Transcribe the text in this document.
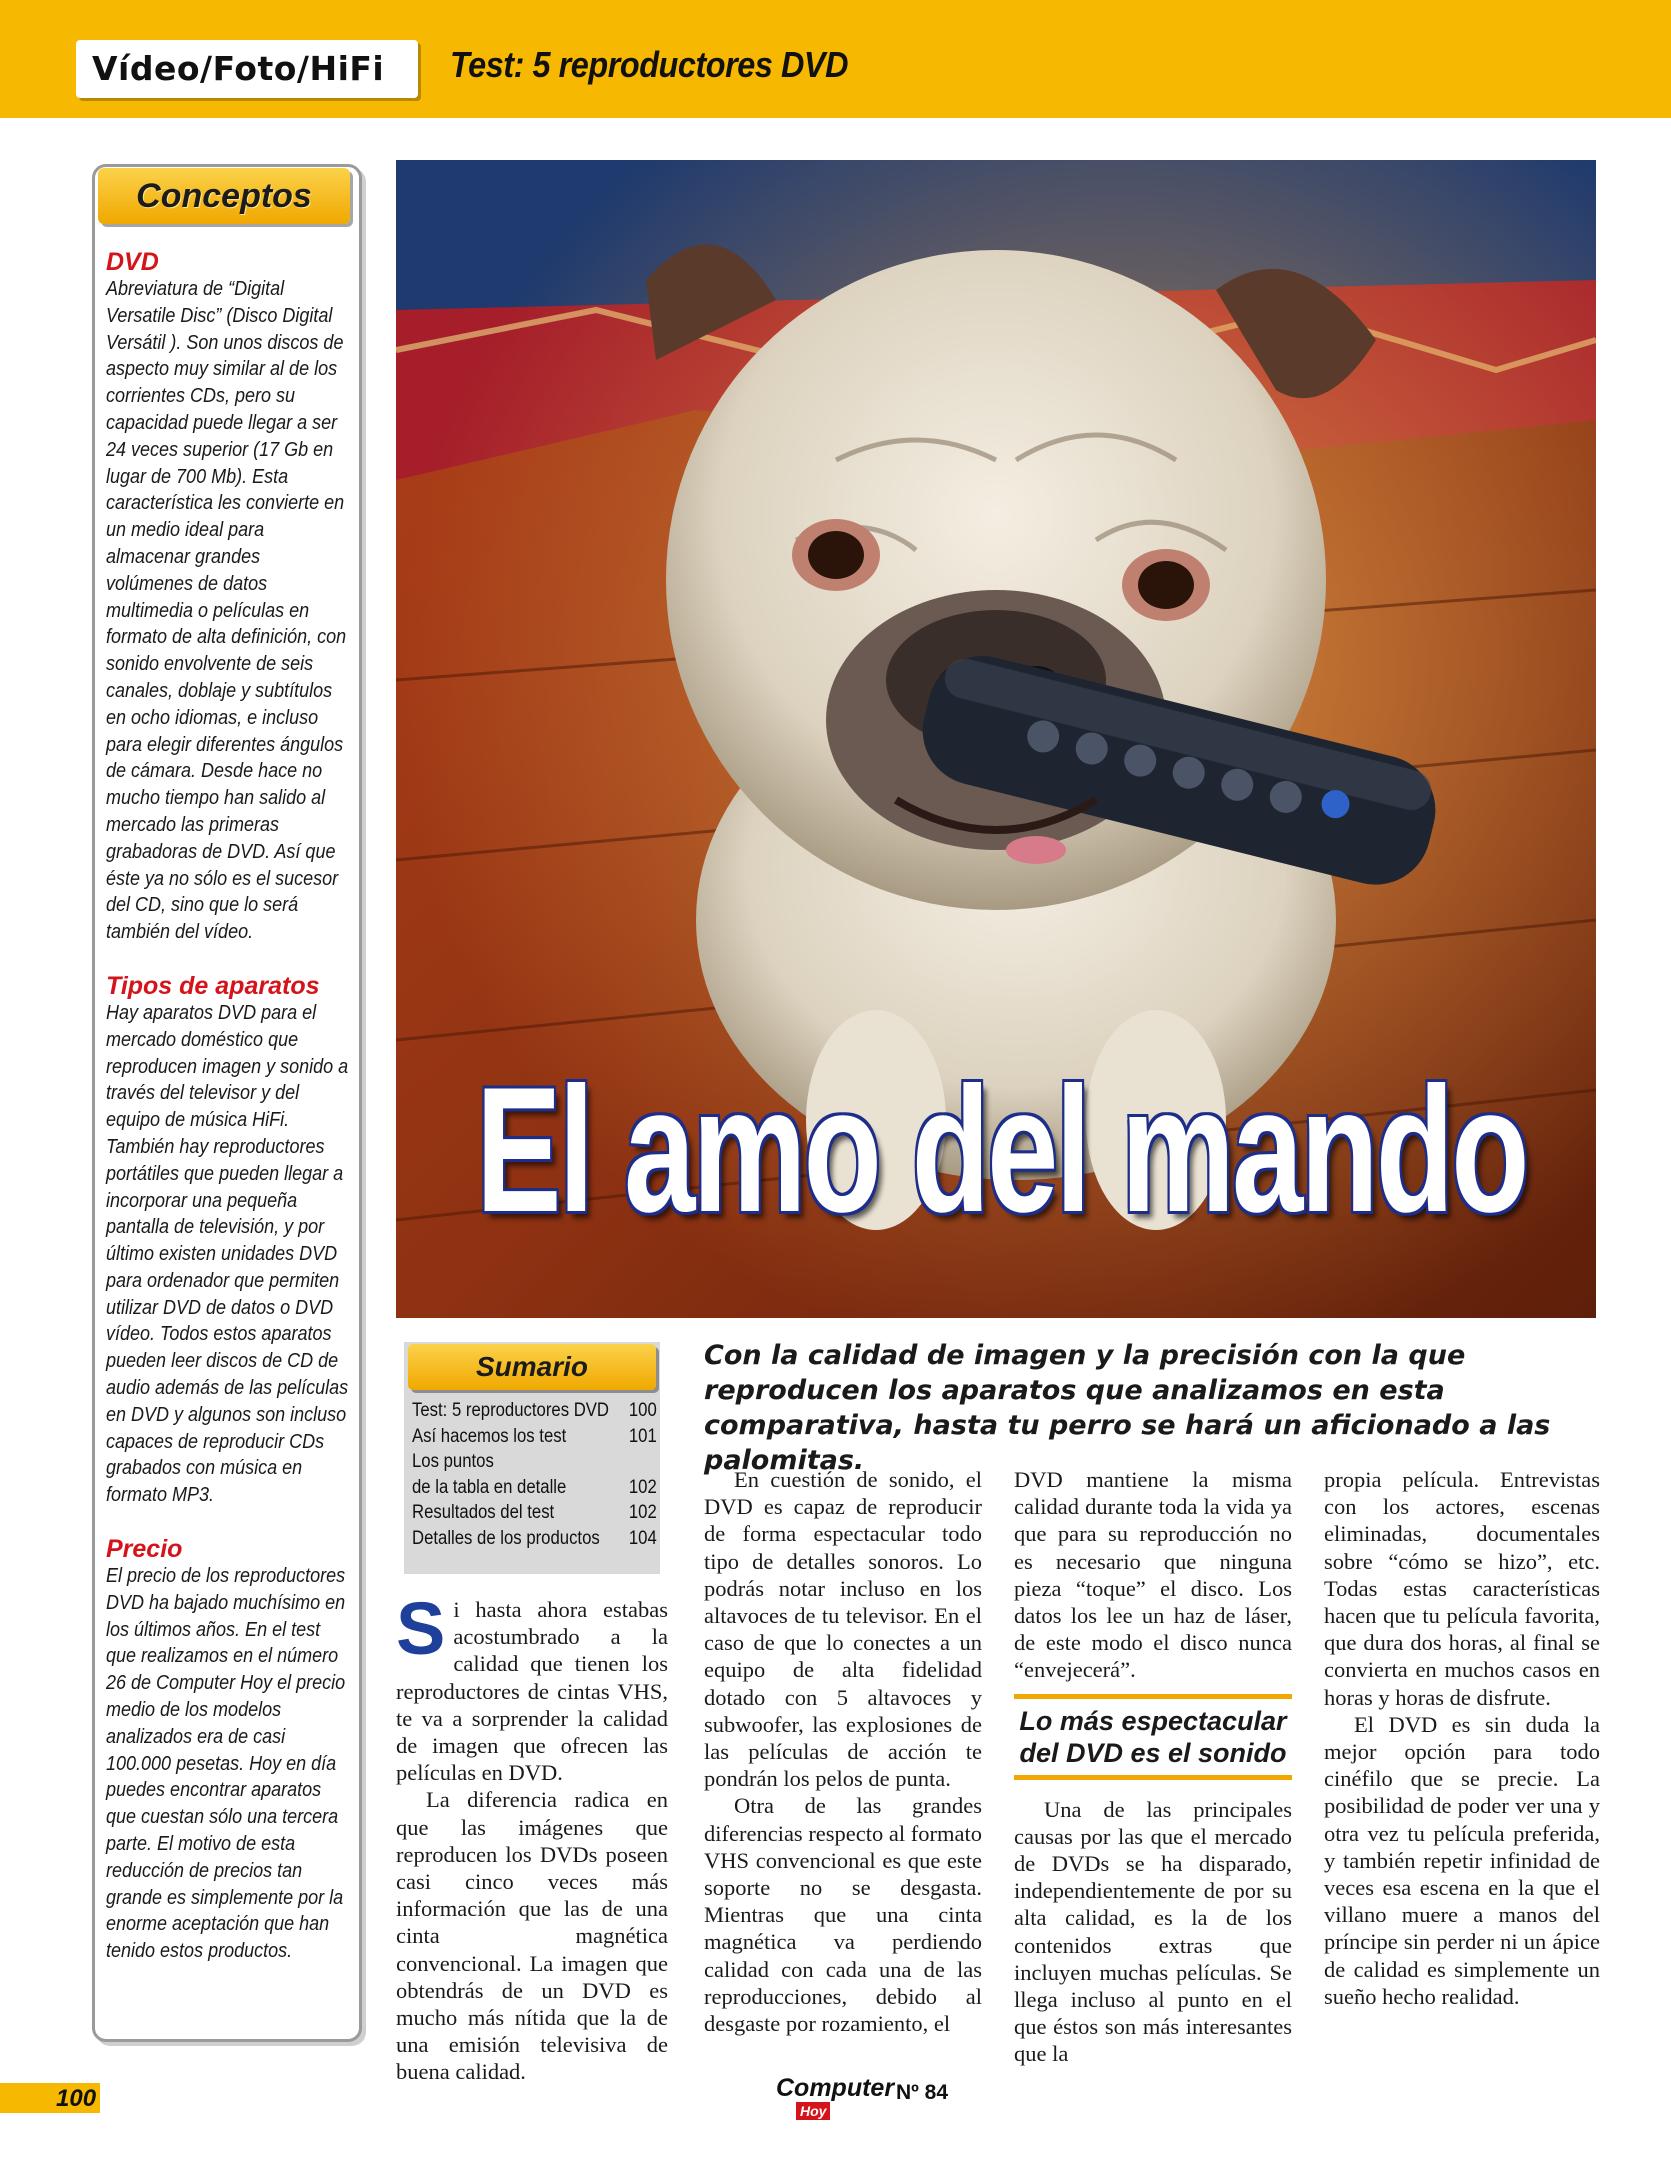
Vídeo/Foto/HiFi	Test: 5 reproductores DVD
Conceptos
DVD

Abreviatura de “Digital Versatile Disc” (Disco Digital Versátil ). Son unos discos de aspecto muy similar al de los corrientes CDs, pero su capacidad puede llegar a ser 24 veces superior (17 Gb en lugar de 700 Mb). Esta característica les convierte en un medio ideal para almacenar grandes volúmenes de datos multimedia o películas en formato de alta definición, con sonido envolvente de seis canales, doblaje y subtítulos en ocho idiomas, e incluso para elegir diferentes ángulos de cámara. Desde hace no mucho tiempo han salido al mercado las primeras grabadoras de DVD. Así que éste ya no sólo es el sucesor del CD, sino que lo será también del vídeo.

Tipos de aparatos

Hay aparatos DVD para el mercado doméstico que reproducen imagen y sonido a través del televisor y del equipo de música HiFi. También hay reproductores portátiles que pueden llegar a incorporar una pequeña pantalla de televisión, y por último existen unidades DVD para ordenador que permiten utilizar DVD de datos o DVD vídeo. Todos estos aparatos pueden leer discos de CD de audio además de las películas en DVD y algunos son incluso capaces de reproducir CDs grabados con música en formato MP3.

Precio

El precio de los reproductores DVD ha bajado muchísimo en los últimos años. En el test que realizamos en el número 26 de Computer Hoy el precio medio de los modelos analizados era de casi 100.000 pesetas. Hoy en día puedes encontrar aparatos que cuestan sólo una tercera parte. El motivo de esta reducción de precios tan grande es simplemente por la enorme aceptación que han tenido estos productos.

El amo del mando
Sumario
Test: 5 reproductores DVD 100
Así hacemos los test	101
Los puntos
de la tabla en detalle	102
Resultados del test	102
Detalles de los productos 104
Con la calidad de imagen y la precisión con la que reproducen los aparatos que analizamos en esta comparativa, hasta tu perro se hará un aficionado a las palomitas.

Si hasta ahora estabas acostumbrado a la calidad que tienen los reproductores de cintas VHS, te va a sorprender la calidad de imagen que ofrecen las películas en DVD.

La diferencia radica en que las imágenes que reproducen los DVDs poseen casi cinco veces más información que las de una cinta magnética convencional. La imagen que obtendrás de un DVD es mucho más nítida que la de una emisión televisiva de buena calidad.

En cuestión de sonido, el DVD es capaz de reproducir de forma espectacular todo tipo de detalles sonoros. Lo podrás notar incluso en los altavoces de tu televisor. En el caso de que lo conectes a un equipo de alta fidelidad dotado con 5 altavoces y subwoofer, las explosiones de las películas de acción te pondrán los pelos de punta.

Otra de las grandes diferencias respecto al formato VHS convencional es que este soporte no se desgasta. Mientras que una cinta magnética va perdiendo calidad con cada una de las reproducciones, debido al desgaste por rozamiento, el

DVD mantiene la misma calidad durante toda la vida ya que para su reproducción no es necesario que ninguna pieza “toque” el disco. Los datos los lee un haz de láser, de este modo el disco nunca “envejecerá”.

Lo más espectacular del DVD es el sonido

Una de las principales causas por las que el mercado de DVDs se ha disparado, independientemente de por su alta calidad, es la de los contenidos extras que incluyen muchas películas. Se llega incluso al punto en el que éstos son más interesantes que la

propia película. Entrevistas con los actores, escenas eliminadas, documentales sobre “cómo se hizo”, etc. Todas estas características hacen que tu película favorita, que dura dos horas, al final se convierta en muchos casos en horas y horas de disfrute.

El DVD es sin duda la mejor opción para todo cinéfilo que se precie. La posibilidad de poder ver una y otra vez tu película preferida, y también repetir infinidad de veces esa escena en la que el villano muere a manos del príncipe sin perder ni un ápice de calidad es simplemente un sueño hecho realidad.

100	Computer
Hoy
Nº 84
